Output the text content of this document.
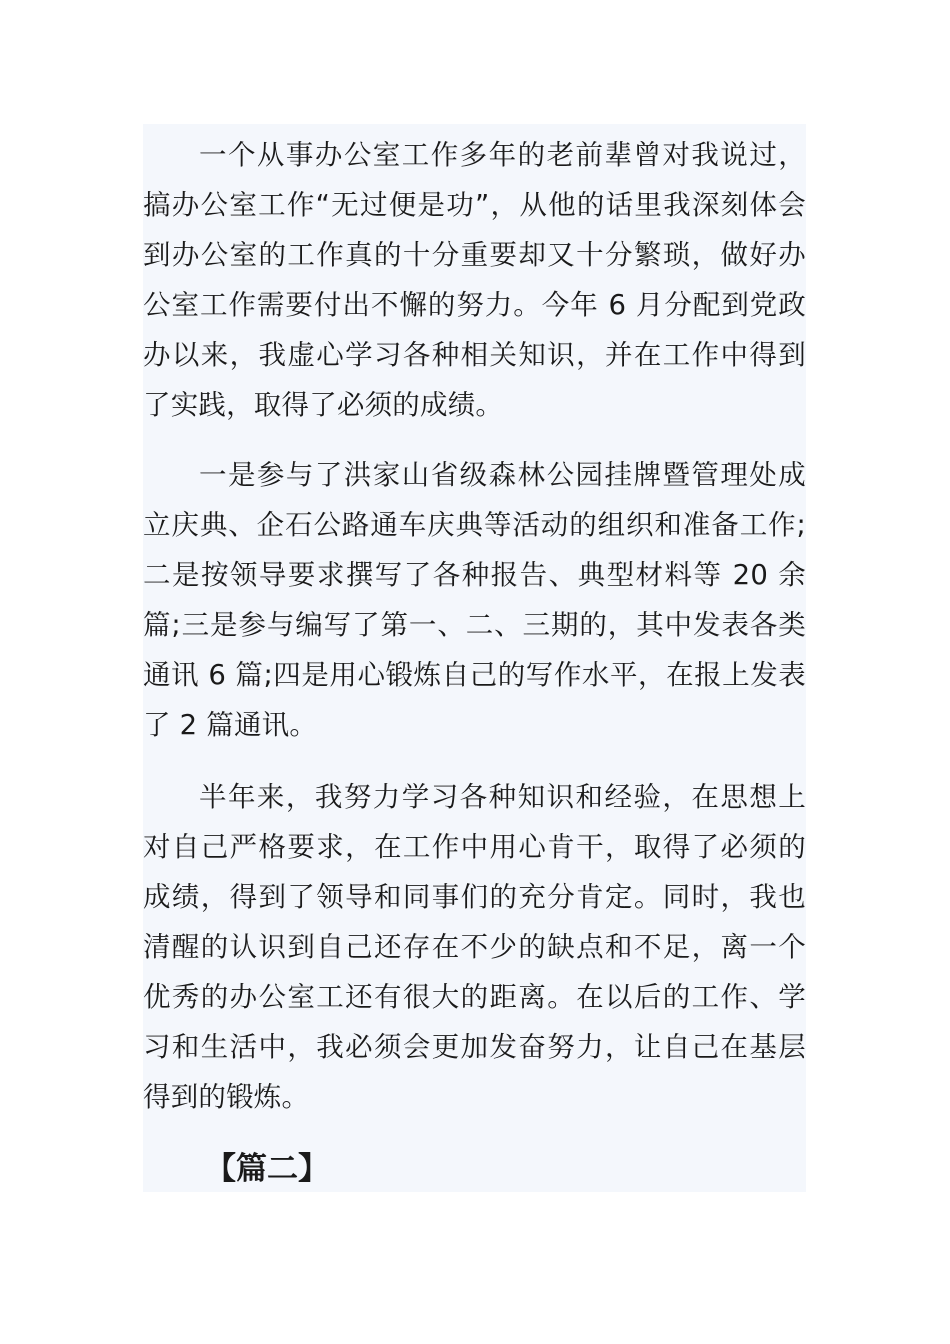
一个从事办公室工作多年的老前辈曾对我说过，搞办公室工作“无过便是功”，从他的话里我深刻体会到办公室的工作真的十分重要却又十分繁琐，做好办公室工作需要付出不懈的努力。今年 6 月分配到党政办以来，我虚心学习各种相关知识，并在工作中得到了实践，取得了必须的成绩。

一是参与了洪家山省级森林公园挂牌暨管理处成立庆典、企石公路通车庆典等活动的组织和准备工作;二是按领导要求撰写了各种报告、典型材料等 20 余篇;三是参与编写了第一、二、三期的，其中发表各类通讯 6 篇;四是用心锻炼自己的写作水平，在报上发表了 2 篇通讯。

半年来，我努力学习各种知识和经验，在思想上对自己严格要求，在工作中用心肯干，取得了必须的成绩，得到了领导和同事们的充分肯定。同时，我也清醒的认识到自己还存在不少的缺点和不足，离一个优秀的办公室工还有很大的距离。在以后的工作、学习和生活中，我必须会更加发奋努力，让自己在基层得到的锻炼。

【篇二】
